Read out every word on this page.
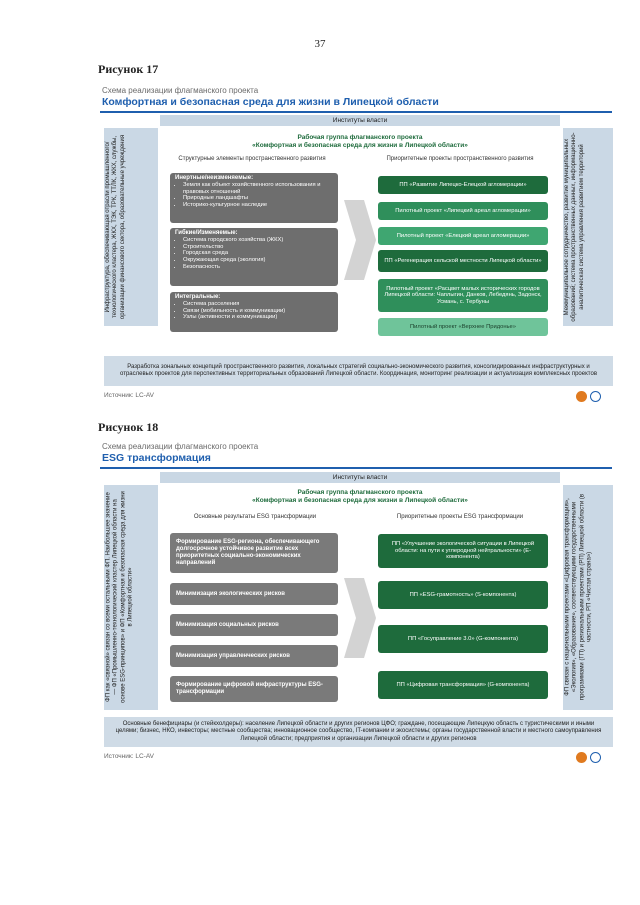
37
Рисунок 17
Схема реализации флагманского проекта
Комфортная и безопасная среда для жизни в Липецкой области
Институты власти
Инфраструктура, обеспечивающая отрасли промышленного/технологического кластера, ЖКХ, ТЭК, ТРК, ТТЛК, ЖКХ, службы, организации финансового сектора, образовательные учреждения	Межмуниципальное сотрудничество, развитие муниципальных образований; система пространственных данных, информационно-аналитическая система управления развитием территорий
Рабочая группа флагманского проекта
«Комфортная и безопасная среда для жизни в Липецкой области»
Структурные элементы пространственного развития	Приоритетные проекты пространственного развития
Инертные/неизменяемые:
• Земля как объект хозяйственного использования и правовых отношений
• Природные ландшафты
• Историко-культурное наследие
Гибкие/Изменяемые:
• Система городского хозяйства (ЖКХ)
• Строительство
• Городская среда
• Окружающая среда (экология)
• Безопасность
Интегральные:
• Система расселения
• Связи (мобильность и коммуникации)
• Узлы (активности и коммуникации)
ПП «Развитие Липецко-Елецкой агломерации»
Пилотный проект «Липецкий ареал агломерации»
Пилотный проект «Елецкий ареал агломерации»
ПП «Регенерация сельской местности Липецкой области»
Пилотный проект «Расцвет малых исторических городов Липецкой области: Чаплыгин, Данков, Лебедянь, Задонск, Усмань, с. Тербуны
Пилотный проект «Верхнее Придонье»
Разработка зональных концепций пространственного развития, локальных стратегий социально-экономического развития, консолидированных инфраструктурных и отраслевых проектов для перспективных территориальных образований Липецкой области. Координация, мониторинг реализации и актуализация комплексных проектов
Источник: LC-AV
Рисунок 18
Схема реализации флагманского проекта
ESG трансформация
Институты власти
ФП как «связной» связан со всеми остальными ФП. Наибольшее значение — ФП «Промышленно-технологический кластер Липецкой области на основе ESG-принципов» и ФП «Комфортная и безопасная среда для жизни в Липецкой области»	ФП связан с национальными проектами «Цифровая трансформация», «Экология», «Образование», соответствующими государственными программами (ГП) и региональными проектами (РП) Липецкой области (в частности, РП «Чистая страна»)
Рабочая группа флагманского проекта
«Комфортная и безопасная среда для жизни в Липецкой области»
Основные результаты ESG трансформации	Приоритетные проекты ESG трансформации
Формирование ESG-региона, обеспечивающего долгосрочное устойчивое развитие всех приоритетных социально-экономических направлений
Минимизация экологических рисков
Минимизация социальных рисков
Минимизация управленческих рисков
Формирование цифровой инфраструктуры ESG-трансформации
ПП «Улучшение экологической ситуации в Липецкой области: на пути к углеродной нейтральности» (Е-компонента)
ПП «ESG-грамотность» (S-компонента)
ПП «Госуправление 3.0» (G-компонента)
ПП «Цифровая трансформация» (G-компонента)
Основные бенефициары (и стейкхолдеры): население Липецкой области и других регионов ЦФО; граждане, посещающие Липецкую область с туристическими и иными целями; бизнес, НКО, инвесторы; местные сообщества; инновационное сообщество, IT-компании и экосистемы; органы государственной власти и местного самоуправления Липецкой области; предприятия и организации Липецкой области и других регионов
Источник: LC-AV
